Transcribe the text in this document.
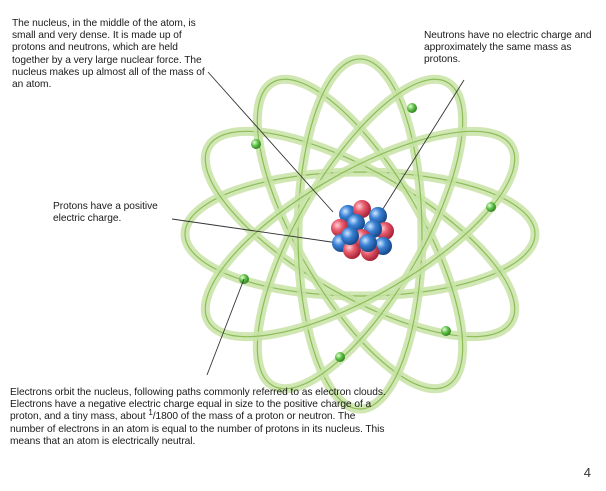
The nucleus, in the middle of the atom, is small and very dense. It is made up of protons and neutrons, which are held together by a very large nuclear force. The nucleus makes up almost all of the mass of an atom.

Neutrons have no electric charge and approximately the same mass as protons.

Protons have a positive electric charge.

Electrons orbit the nucleus, following paths commonly referred to as electron clouds. Electrons have a negative electric charge equal in size to the positive charge of a proton, and a tiny mass, about $^1$/1800 of the mass of a proton or neutron. The number of electrons in an atom is equal to the number of protons in its nucleus. This means that an atom is electrically neutral.

4
